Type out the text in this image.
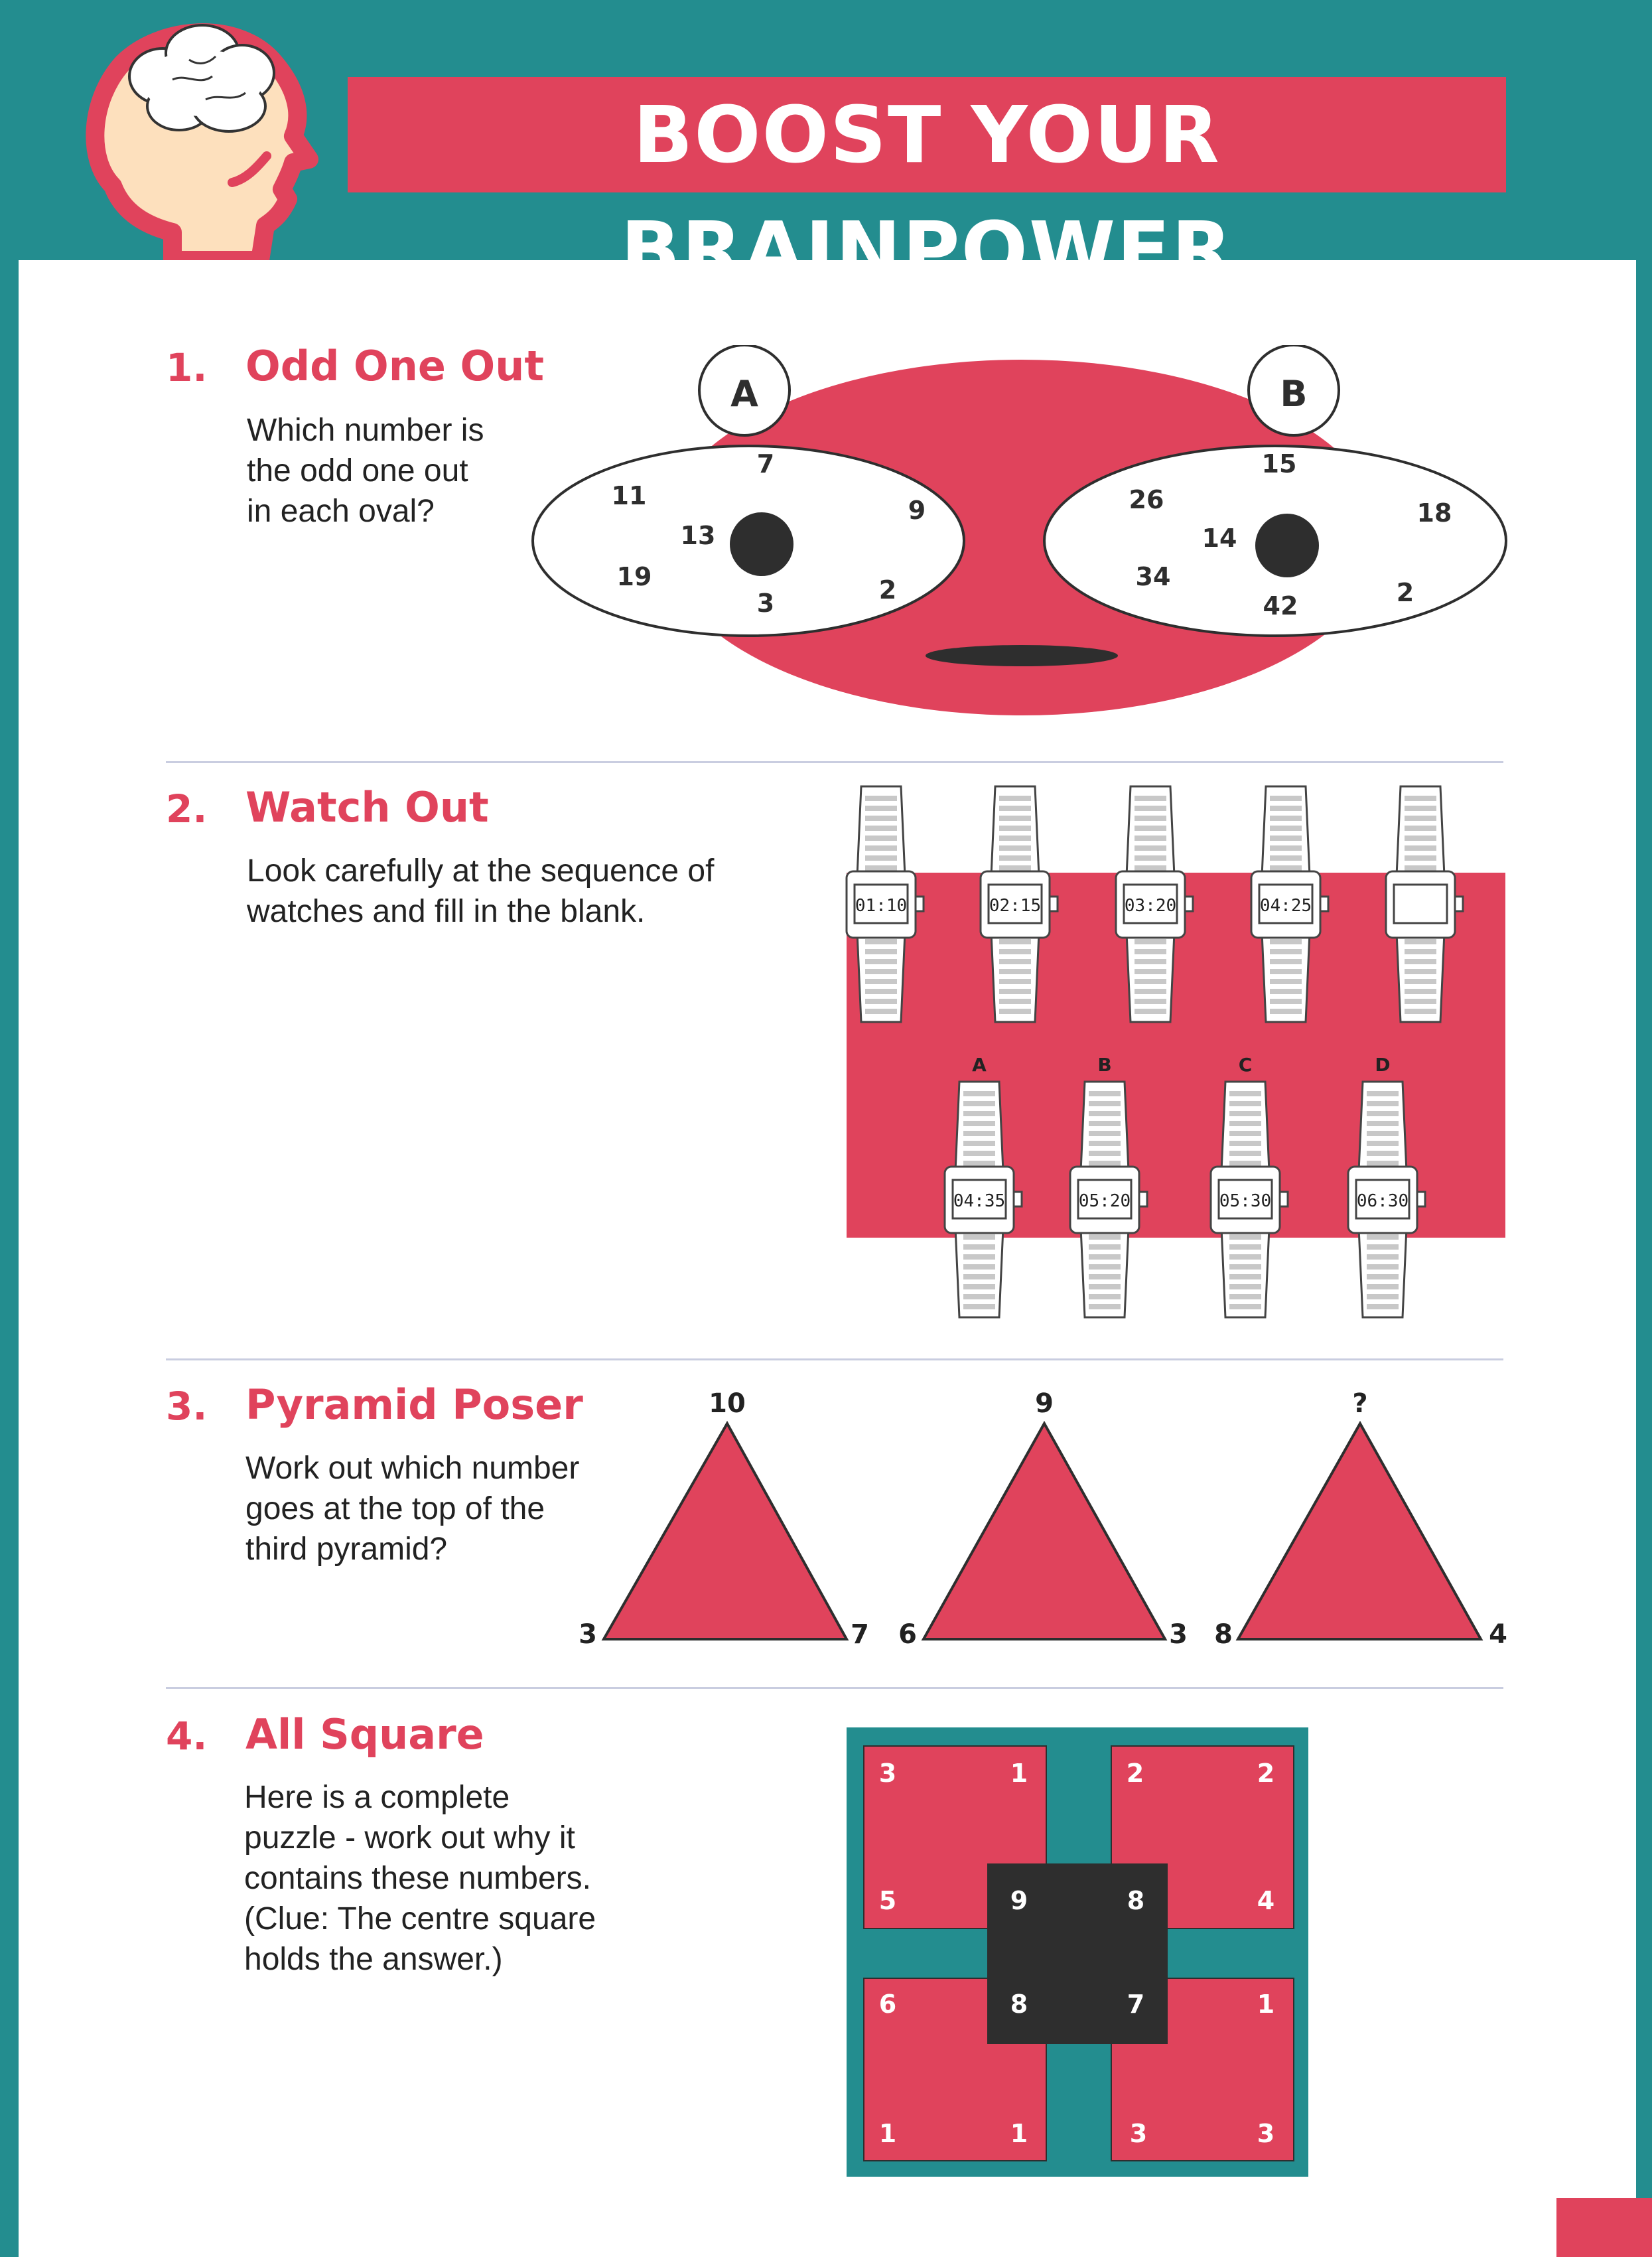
BOOST YOUR BRAINPOWER
1. Odd One Out
Which number is
the odd one out
in each oval?
A	B
7
11	9
13
19
3	2
15
26	18
14
34
42	2
2. Watch Out
Look carefully at the sequence of
watches and fill in the blank.	01:10	02:15	03:20	04:25
A
04:35
B
05:20
C
05:30
D
06:30
3. Pyramid Poser
Work out which number
goes at the top of the
third pyramid?
10
3	7
9
6	3
?
8	4
4. All Square
Here is a complete
puzzle - work out why it
contains these numbers.
(Clue: The centre square
holds the answer.)
3	1
5
2	2
4
6
1	1
1
3	3
9	8
8	7
